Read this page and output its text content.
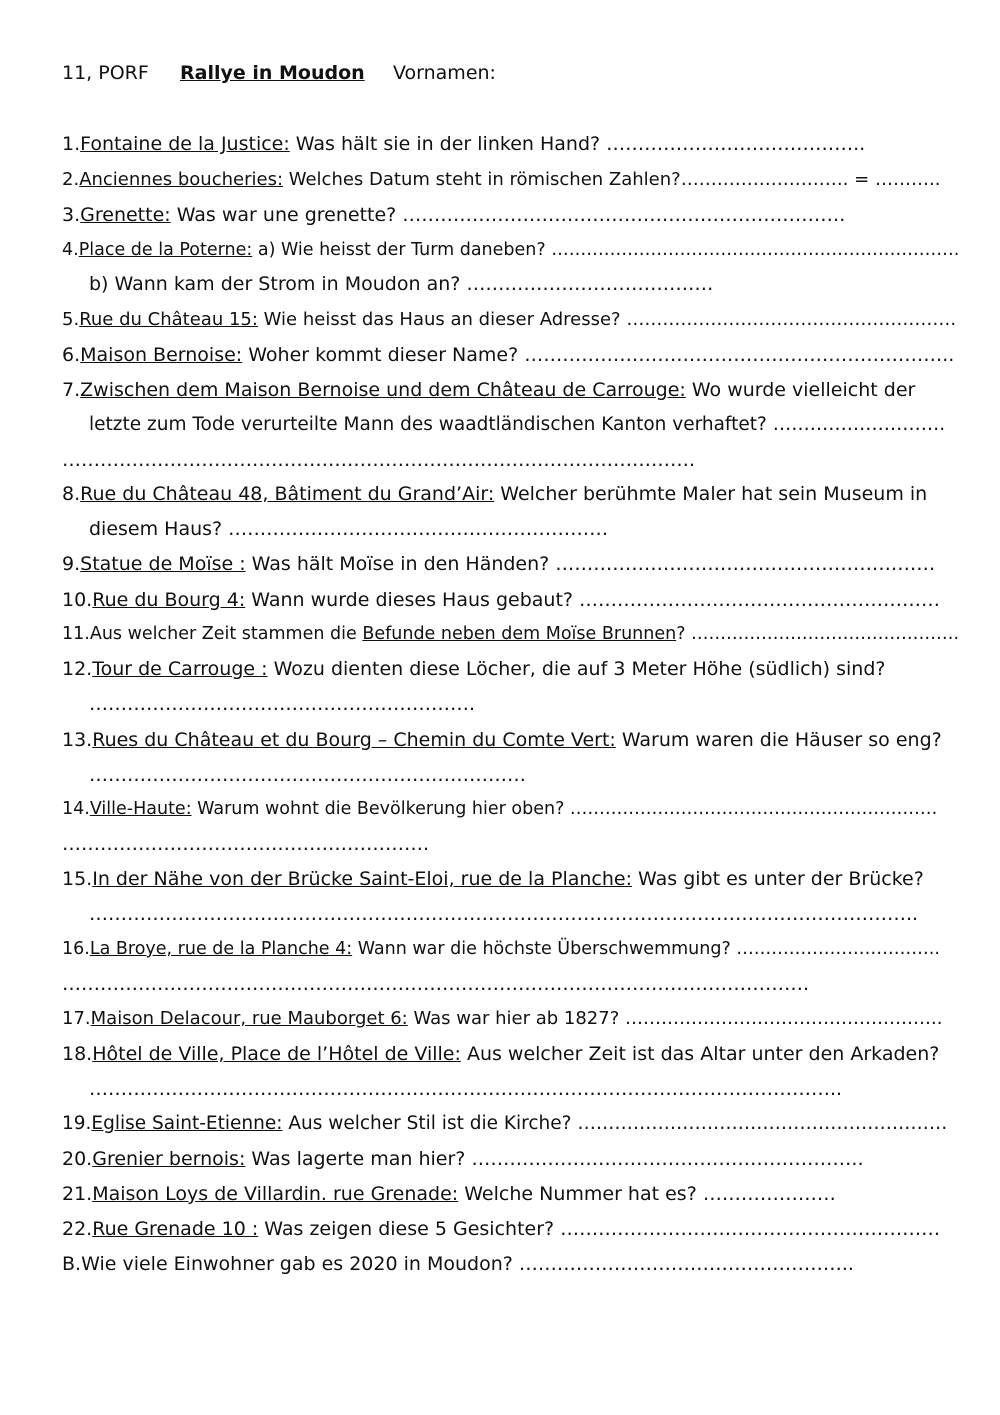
11, PORF Rallye in Moudon Vornamen:
1.Fontaine de la Justice: Was hält sie in der linken Hand? …………………………………..
2.Anciennes boucheries: Welches Datum steht in römischen Zahlen?………………………. = ………..
3.Grenette: Was war une grenette? …………………………………………………………….
4.Place de la Poterne: a) Wie heisst der Turm daneben? …………………………………………………………….
b) Wann kam der Strom in Moudon an? …………………………………
5.Rue du Château 15: Wie heisst das Haus an dieser Adresse? ……………………………………………….
6.Maison Bernoise: Woher kommt dieser Name? …………………………………………………………..
7.Zwischen dem Maison Bernoise und dem Château de Carrouge: Wo wurde vielleicht der
letzte zum Tode verurteilte Mann des waadtländischen Kanton verhaftet? ……………………….
……………………………………………………………………………………….
8.Rue du Château 48, Bâtiment du Grand’Air: Welcher berühmte Maler hat sein Museum in
diesem Haus? ……………………………………………………
9.Statue de Moïse : Was hält Moïse in den Händen? ……………………………………………………
10.Rue du Bourg 4: Wann wurde dieses Haus gebaut? …………………………………………………
11.Aus welcher Zeit stammen die Befunde neben dem Moïse Brunnen? ……………………………………….
12.Tour de Carrouge : Wozu dienten diese Löcher, die auf 3 Meter Höhe (südlich) sind?
…………………………………………………….
13.Rues du Château et du Bourg – Chemin du Comte Vert: Warum waren die Häuser so eng?
……………………………………………………………
14.Ville-Haute: Warum wohnt die Bevölkerung hier oben? ………………………………………………………
………………………………………………….
15.In der Nähe von der Brücke Saint-Eloi, rue de la Planche: Was gibt es unter der Brücke?
…………………………………………………………………………………………………………………..
16.La Broye, rue de la Planche 4: Wann war die höchste Überschwemmung? ……………………………..
……………………………………………………………………………………………………….
17.Maison Delacour, rue Mauborget 6: Was war hier ab 1827? ……………………………………………..
18.Hôtel de Ville, Place de l’Hôtel de Ville: Aus welcher Zeit ist das Altar unter den Arkaden?
………………………………………………………………………………………………………..
19.Eglise Saint-Etienne: Aus welcher Stil ist die Kirche? ……………………………………………………
20.Grenier bernois: Was lagerte man hier? ……………………………………………………..
21.Maison Loys de Villardin. rue Grenade: Welche Nummer hat es? …………………
22.Rue Grenade 10 : Was zeigen diese 5 Gesichter? ……………………………………………………
B.Wie viele Einwohner gab es 2020 in Moudon? ……………………………………………..
